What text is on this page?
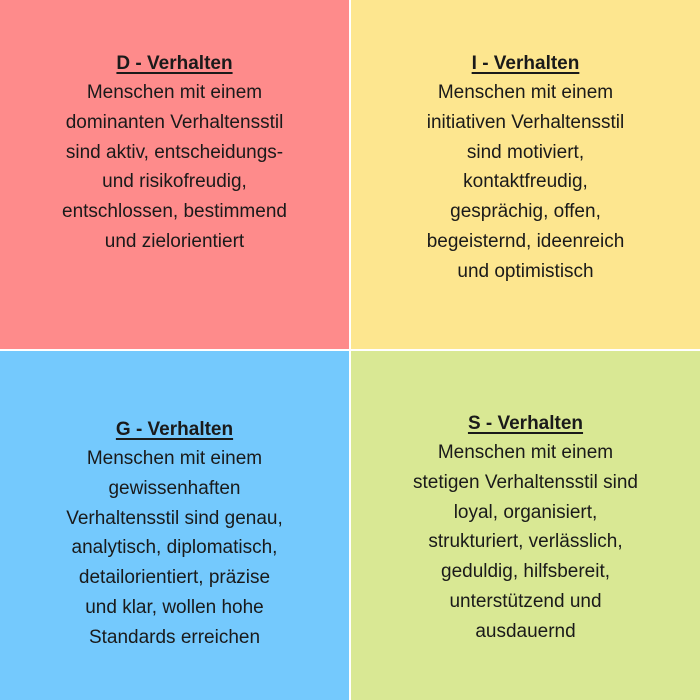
D - Verhalten
Menschen mit einem
dominanten Verhaltensstil
sind aktiv, entscheidungs-
und risikofreudig,
entschlossen, bestimmend
und zielorientiert
I - Verhalten
Menschen mit einem
initiativen Verhaltensstil
sind motiviert,
kontaktfreudig,
gesprächig, offen,
begeisternd, ideenreich
und optimistisch
G - Verhalten
Menschen mit einem
gewissenhaften
Verhaltensstil sind genau,
analytisch, diplomatisch,
detailorientiert, präzise
und klar, wollen hohe
Standards erreichen
S - Verhalten
Menschen mit einem
stetigen Verhaltensstil sind
loyal, organisiert,
strukturiert, verlässlich,
geduldig, hilfsbereit,
unterstützend und
ausdauernd
